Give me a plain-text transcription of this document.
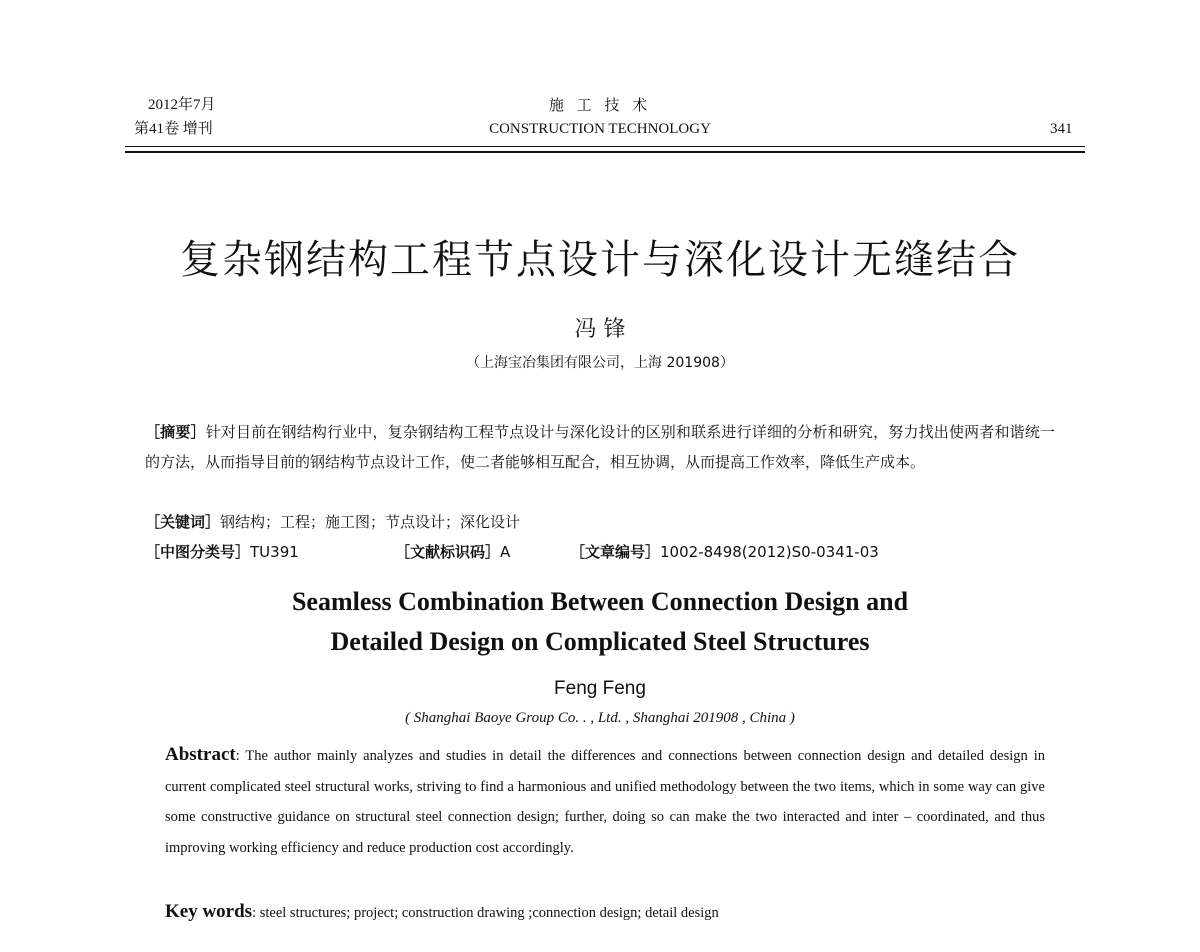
2012年7月
第41卷 增刊
施 工 技 术
CONSTRUCTION TECHNOLOGY	341
复杂钢结构工程节点设计与深化设计无缝结合
冯 锋
（上海宝冶集团有限公司，上海 201908）
［摘要］针对目前在钢结构行业中，复杂钢结构工程节点设计与深化设计的区别和联系进行详细的分析和研究，努力找出使两者和谐统一的方法，从而指导目前的钢结构节点设计工作，使二者能够相互配合，相互协调，从而提高工作效率，降低生产成本。
［关键词］钢结构；工程；施工图；节点设计；深化设计
［中图分类号］TU391	［文献标识码］A	［文章编号］1002-8498(2012)S0-0341-03
Seamless Combination Between Connection Design and
Detailed Design on Complicated Steel Structures
Feng Feng
( Shanghai Baoye Group Co. . , Ltd. , Shanghai 201908 , China )
Abstract: The author mainly analyzes and studies in detail the differences and connections between connection design and detailed design in current complicated steel structural works, striving to find a harmonious and unified methodology between the two items, which in some way can give some constructive guidance on structural steel connection design; further, doing so can make the two interacted and inter – coordinated, and thus improving working efficiency and reduce production cost accordingly.
Key words: steel structures; project; construction drawing ;connection design; detail design
